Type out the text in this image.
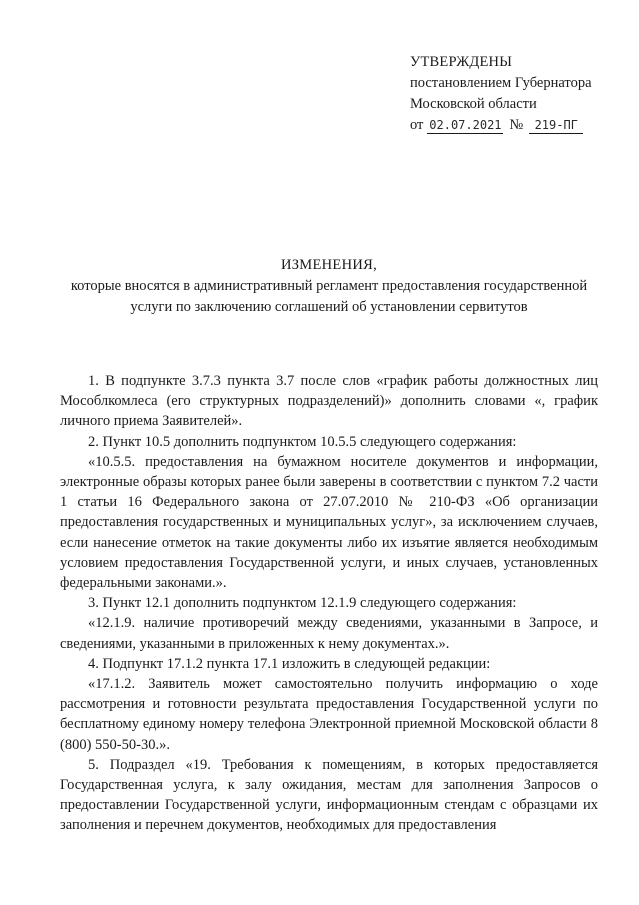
УТВЕРЖДЕНЫ
постановлением Губернатора
Московской области
от 02.07.2021 № 219-ПГ
ИЗМЕНЕНИЯ,
которые вносятся в административный регламент предоставления государственной услуги по заключению соглашений об установлении сервитутов

1. В подпункте 3.7.3 пункта 3.7 после слов «график работы должностных лиц Мособлкомлеса (его структурных подразделений)» дополнить словами «, график личного приема Заявителей».

2. Пункт 10.5 дополнить подпунктом 10.5.5 следующего содержания:

«10.5.5. предоставления на бумажном носителе документов и информации, электронные образы которых ранее были заверены в соответствии с пунктом 7.2 части 1 статьи 16 Федерального закона от 27.07.2010 № 210-ФЗ «Об организации предоставления государственных и муниципальных услуг», за исключением случаев, если нанесение отметок на такие документы либо их изъятие является необходимым условием предоставления Государственной услуги, и иных случаев, установленных федеральными законами.».

3. Пункт 12.1 дополнить подпунктом 12.1.9 следующего содержания:

«12.1.9. наличие противоречий между сведениями, указанными в Запросе, и сведениями, указанными в приложенных к нему документах.».

4. Подпункт 17.1.2 пункта 17.1 изложить в следующей редакции:

«17.1.2. Заявитель может самостоятельно получить информацию о ходе рассмотрения и готовности результата предоставления Государственной услуги по бесплатному единому номеру телефона Электронной приемной Московской области 8 (800) 550-50-30.».

5. Подраздел «19. Требования к помещениям, в которых предоставляется Государственная услуга, к залу ожидания, местам для заполнения Запросов о предоставлении Государственной услуги, информационным стендам с образцами их заполнения и перечнем документов, необходимых для предоставления
